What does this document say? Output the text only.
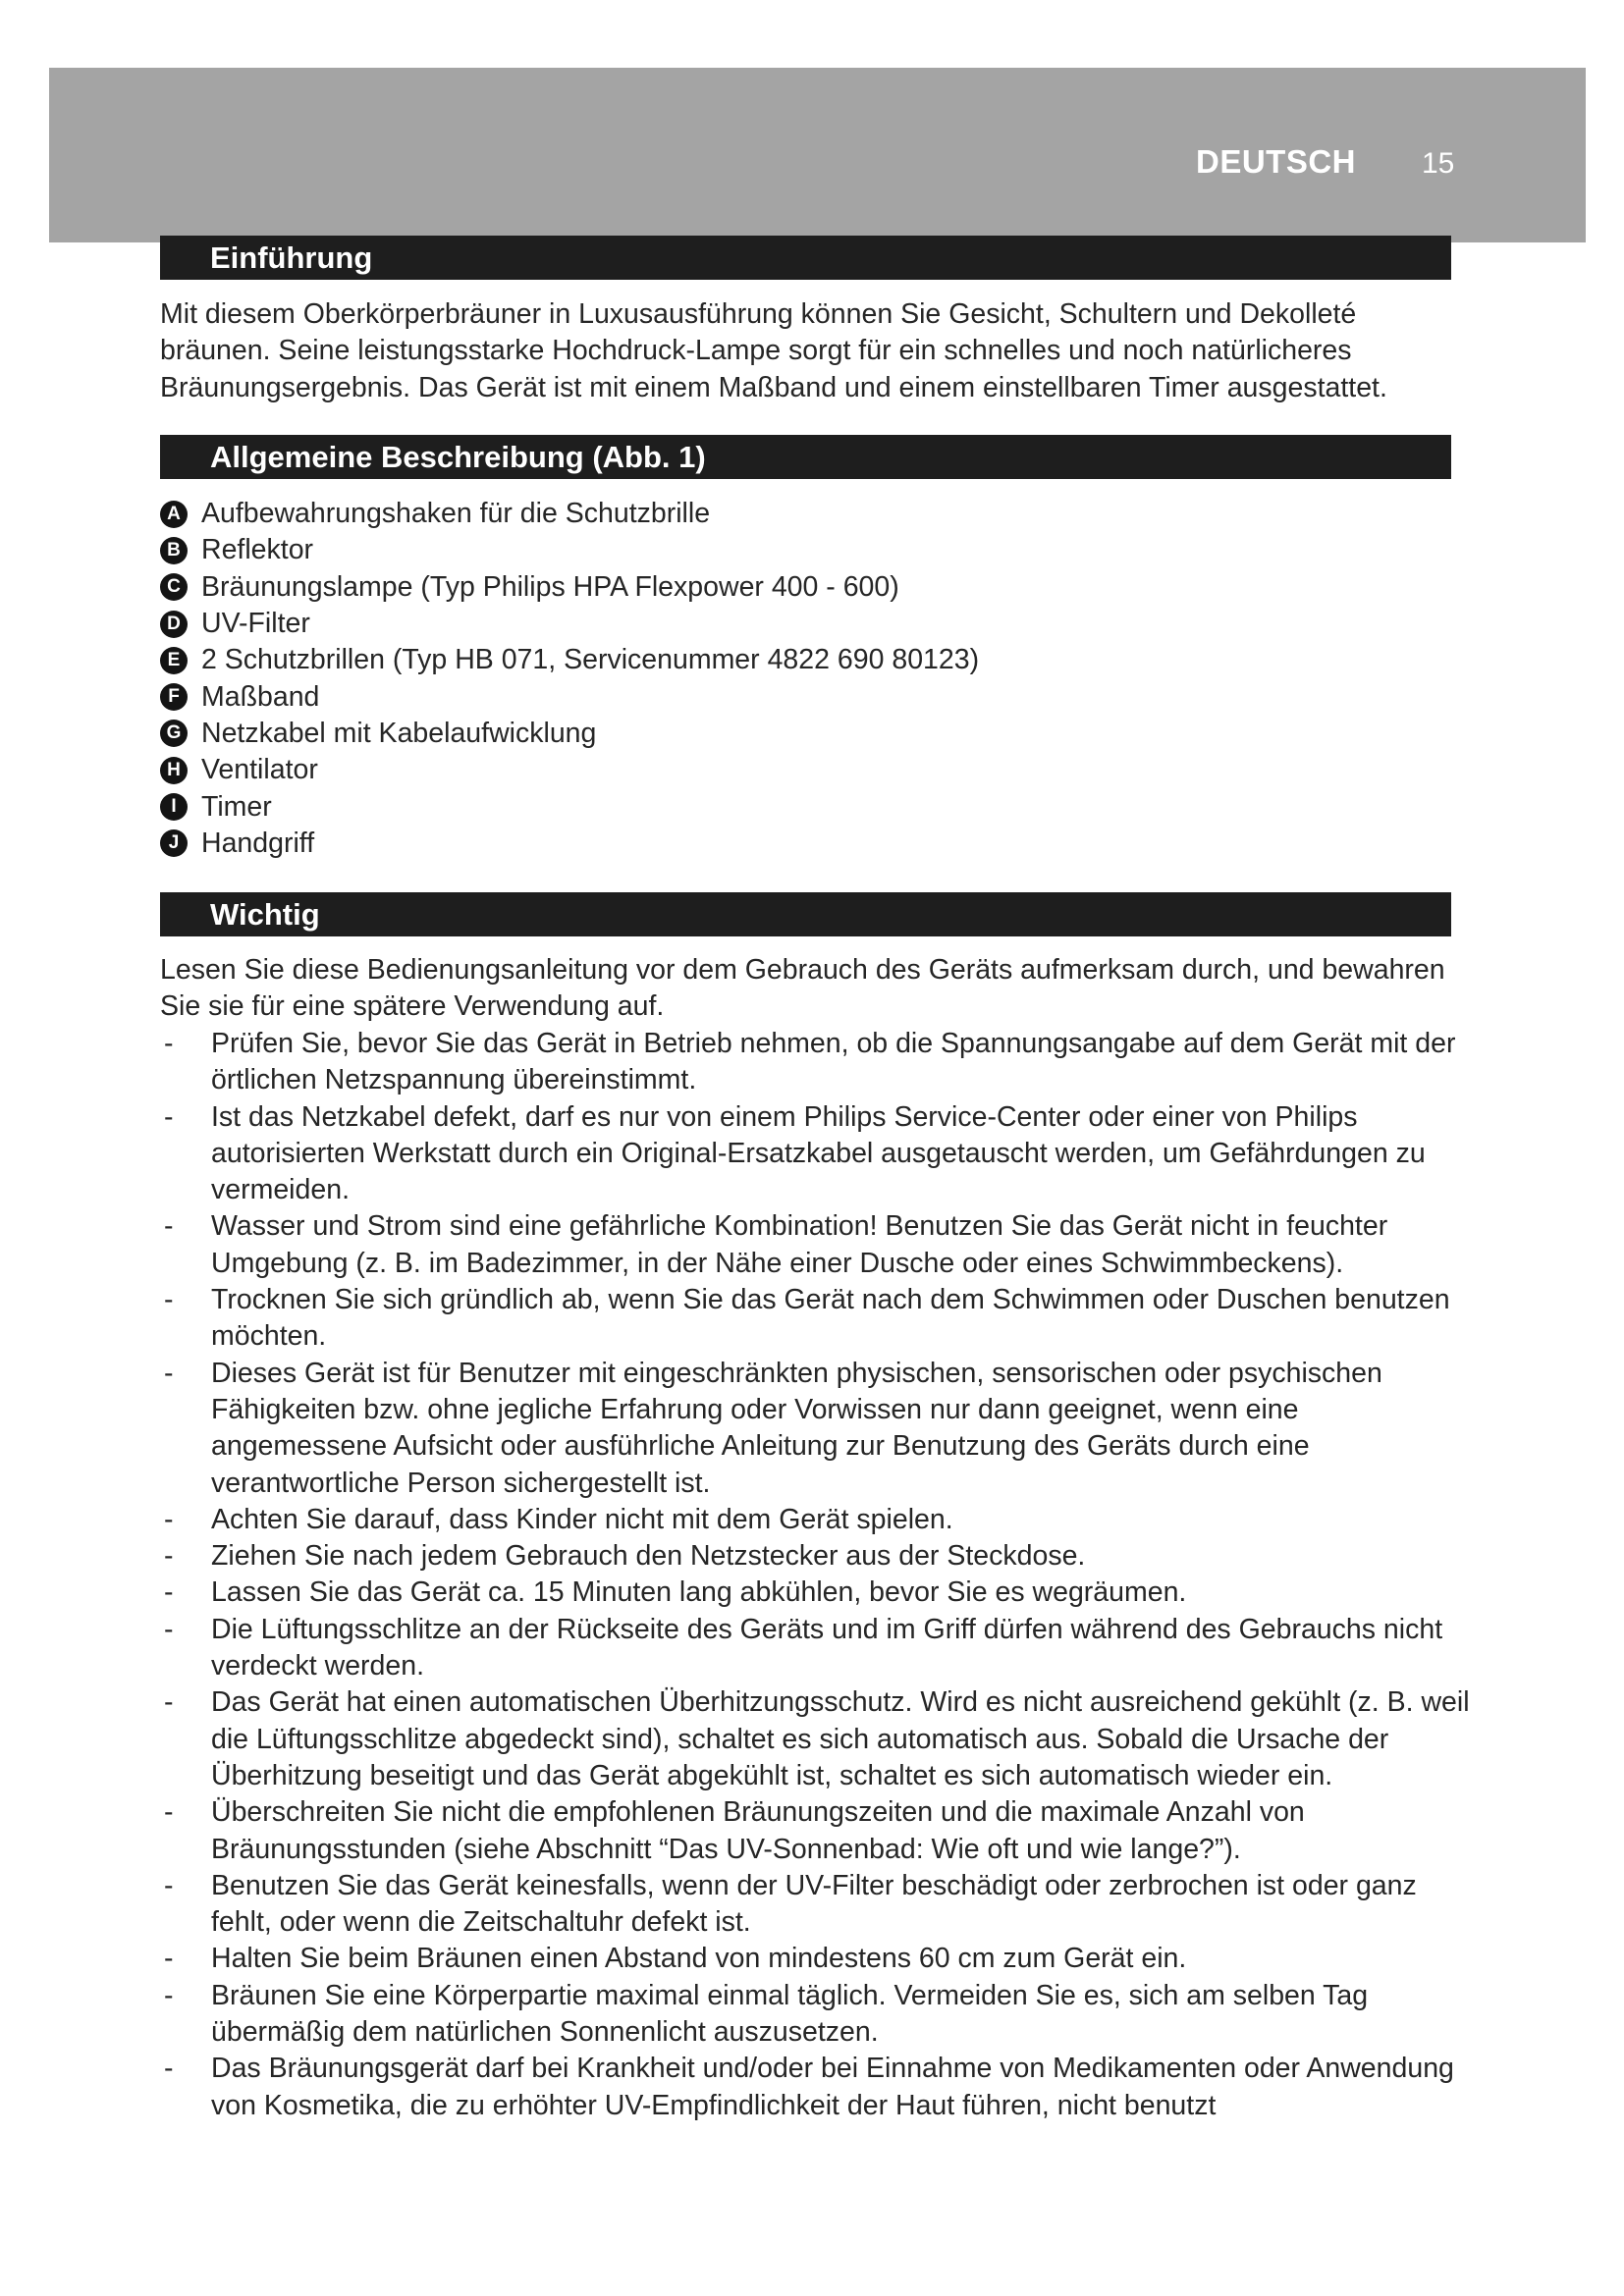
DEUTSCH 15
Einführung
Mit diesem Oberkörperbräuner in Luxusausführung können Sie Gesicht, Schultern und Dekolleté bräunen. Seine leistungsstarke Hochdruck-Lampe sorgt für ein schnelles und noch natürlicheres Bräunungsergebnis. Das Gerät ist mit einem Maßband und einem einstellbaren Timer ausgestattet.
Allgemeine Beschreibung (Abb. 1)
A Aufbewahrungshaken für die Schutzbrille
B Reflektor
C Bräunungslampe (Typ Philips HPA Flexpower 400 - 600)
D UV-Filter
E 2 Schutzbrillen (Typ HB 071, Servicenummer 4822 690 80123)
F Maßband
G Netzkabel mit Kabelaufwicklung
H Ventilator
I Timer
J Handgriff
Wichtig
Lesen Sie diese Bedienungsanleitung vor dem Gebrauch des Geräts aufmerksam durch, und bewahren Sie sie für eine spätere Verwendung auf.
- Prüfen Sie, bevor Sie das Gerät in Betrieb nehmen, ob die Spannungsangabe auf dem Gerät mit der örtlichen Netzspannung übereinstimmt.
- Ist das Netzkabel defekt, darf es nur von einem Philips Service-Center oder einer von Philips autorisierten Werkstatt durch ein Original-Ersatzkabel ausgetauscht werden, um Gefährdungen zu vermeiden.
- Wasser und Strom sind eine gefährliche Kombination! Benutzen Sie das Gerät nicht in feuchter Umgebung (z. B. im Badezimmer, in der Nähe einer Dusche oder eines Schwimmbeckens).
- Trocknen Sie sich gründlich ab, wenn Sie das Gerät nach dem Schwimmen oder Duschen benutzen möchten.
- Dieses Gerät ist für Benutzer mit eingeschränkten physischen, sensorischen oder psychischen Fähigkeiten bzw. ohne jegliche Erfahrung oder Vorwissen nur dann geeignet, wenn eine angemessene Aufsicht oder ausführliche Anleitung zur Benutzung des Geräts durch eine verantwortliche Person sichergestellt ist.
- Achten Sie darauf, dass Kinder nicht mit dem Gerät spielen.
- Ziehen Sie nach jedem Gebrauch den Netzstecker aus der Steckdose.
- Lassen Sie das Gerät ca. 15 Minuten lang abkühlen, bevor Sie es wegräumen.
- Die Lüftungsschlitze an der Rückseite des Geräts und im Griff dürfen während des Gebrauchs nicht verdeckt werden.
- Das Gerät hat einen automatischen Überhitzungsschutz. Wird es nicht ausreichend gekühlt (z. B. weil die Lüftungsschlitze abgedeckt sind), schaltet es sich automatisch aus. Sobald die Ursache der Überhitzung beseitigt und das Gerät abgekühlt ist, schaltet es sich automatisch wieder ein.
- Überschreiten Sie nicht die empfohlenen Bräunungszeiten und die maximale Anzahl von Bräunungsstunden (siehe Abschnitt “Das UV-Sonnenbad: Wie oft und wie lange?”).
- Benutzen Sie das Gerät keinesfalls, wenn der UV-Filter beschädigt oder zerbrochen ist oder ganz fehlt, oder wenn die Zeitschaltuhr defekt ist.
- Halten Sie beim Bräunen einen Abstand von mindestens 60 cm zum Gerät ein.
- Bräunen Sie eine Körperpartie maximal einmal täglich. Vermeiden Sie es, sich am selben Tag übermäßig dem natürlichen Sonnenlicht auszusetzen.
- Das Bräunungsgerät darf bei Krankheit und/oder bei Einnahme von Medikamenten oder Anwendung von Kosmetika, die zu erhöhter UV-Empfindlichkeit der Haut führen, nicht benutzt
